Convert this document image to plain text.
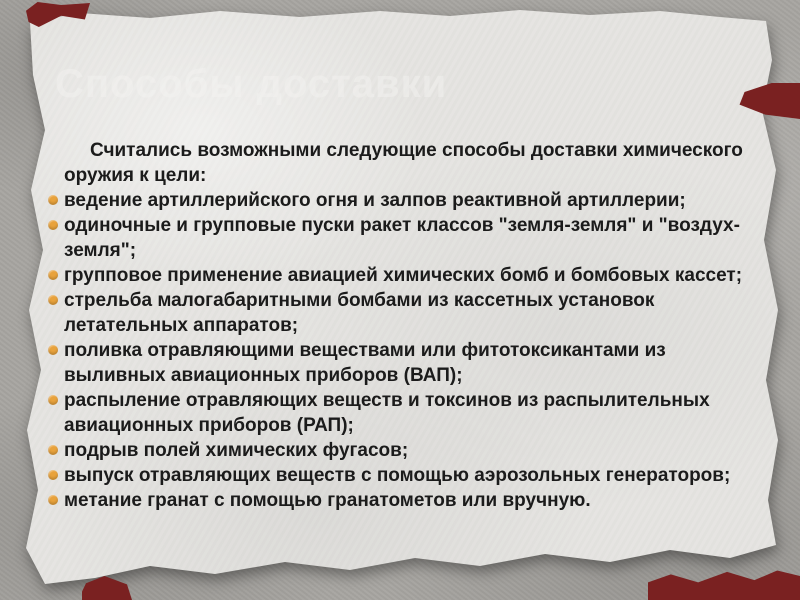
Способы доставки

Считались возможными следующие способы доставки химического оружия к цели:

ведение артиллерийского огня и залпов реактивной артиллерии;
одиночные и групповые пуски ракет классов "земля-земля" и "воздух-земля";
групповое применение авиацией химических бомб и бомбовых кассет;
стрельба малогабаритными бомбами из кассетных установок летательных аппаратов;
поливка отравляющими веществами или фитотоксикантами из выливных авиационных приборов (ВАП);
распыление отравляющих веществ и токсинов из распылительных авиационных приборов (РАП);
подрыв полей химических фугасов;
выпуск отравляющих веществ с помощью аэрозольных генераторов;
метание гранат с помощью гранатометов или вручную.
